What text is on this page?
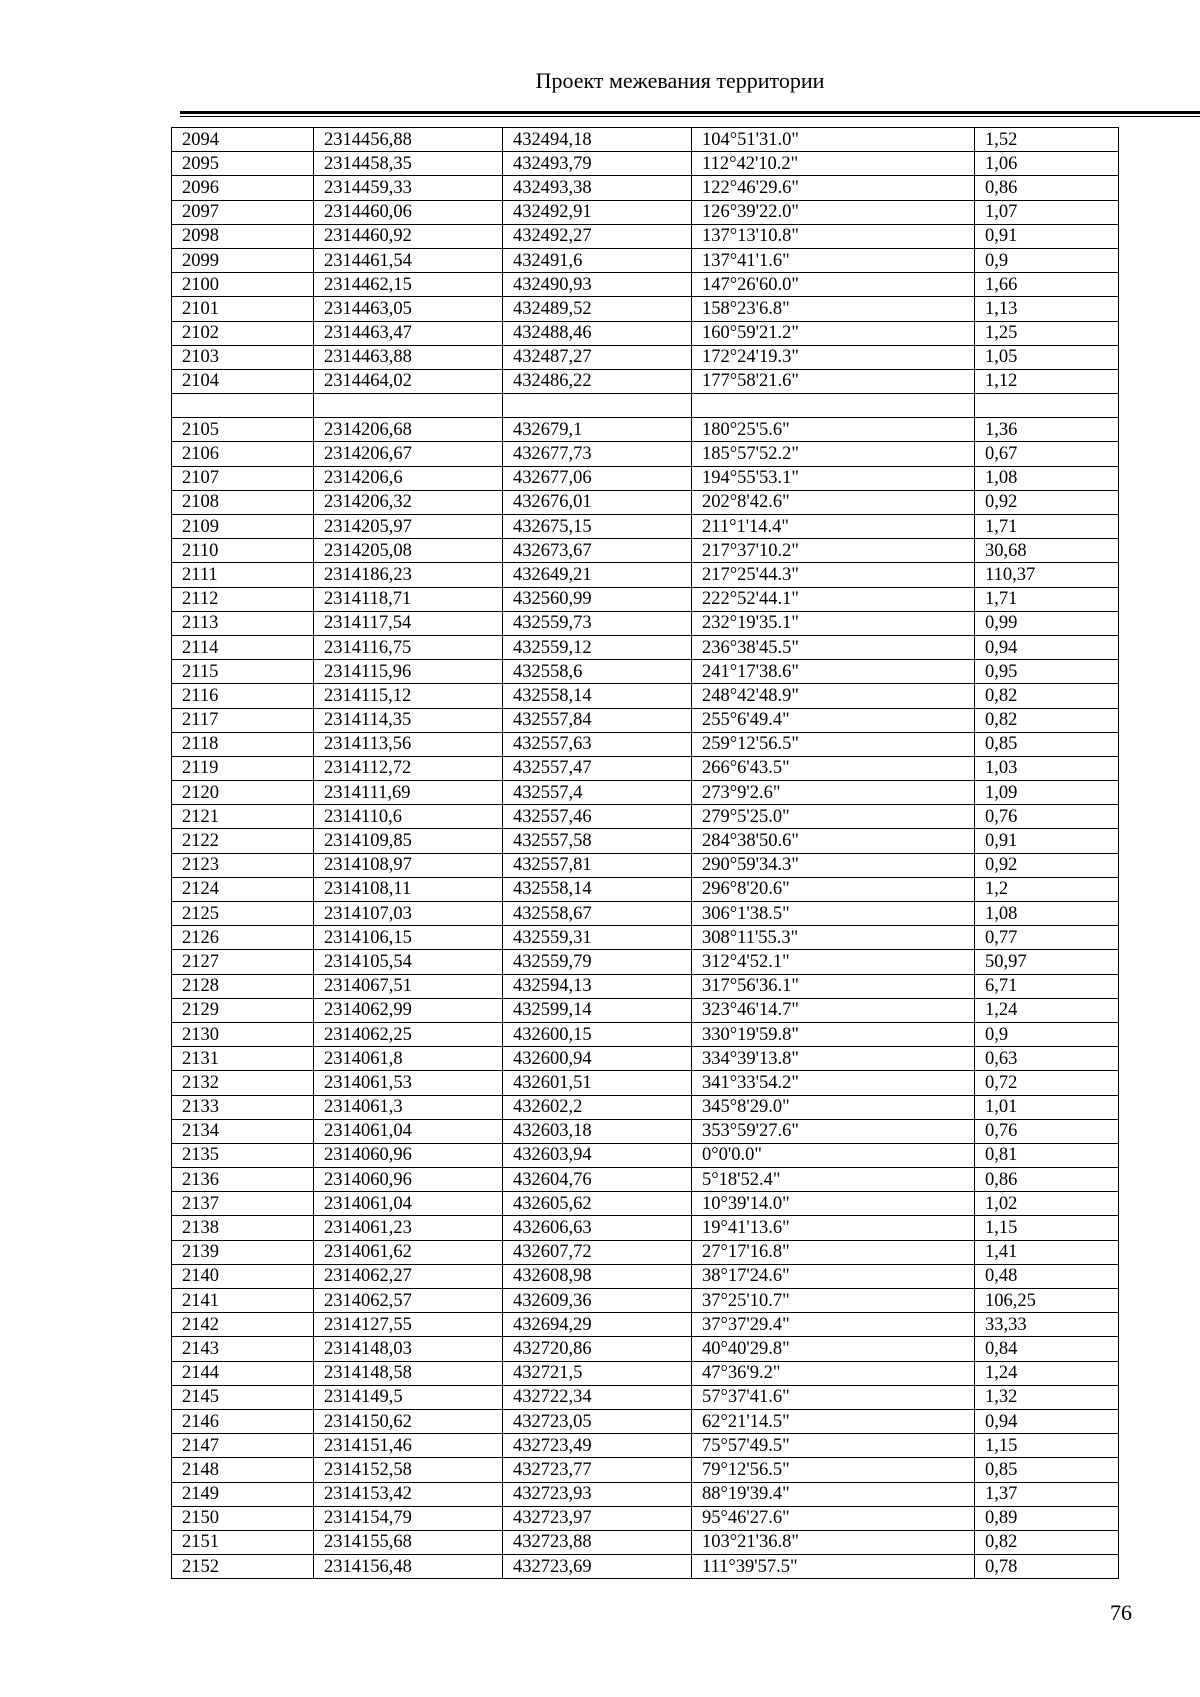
Проект межевания территории
2094	2314456,88	432494,18	104°51'31.0"	1,52
2095	2314458,35	432493,79	112°42'10.2"	1,06
2096	2314459,33	432493,38	122°46'29.6"	0,86
2097	2314460,06	432492,91	126°39'22.0"	1,07
2098	2314460,92	432492,27	137°13'10.8"	0,91
2099	2314461,54	432491,6	137°41'1.6"	0,9
2100	2314462,15	432490,93	147°26'60.0"	1,66
2101	2314463,05	432489,52	158°23'6.8"	1,13
2102	2314463,47	432488,46	160°59'21.2"	1,25
2103	2314463,88	432487,27	172°24'19.3"	1,05
2104	2314464,02	432486,22	177°58'21.6"	1,12

2105	2314206,68	432679,1	180°25'5.6"	1,36
2106	2314206,67	432677,73	185°57'52.2"	0,67
2107	2314206,6	432677,06	194°55'53.1"	1,08
2108	2314206,32	432676,01	202°8'42.6"	0,92
2109	2314205,97	432675,15	211°1'14.4"	1,71
2110	2314205,08	432673,67	217°37'10.2"	30,68
2111	2314186,23	432649,21	217°25'44.3"	110,37
2112	2314118,71	432560,99	222°52'44.1"	1,71
2113	2314117,54	432559,73	232°19'35.1"	0,99
2114	2314116,75	432559,12	236°38'45.5"	0,94
2115	2314115,96	432558,6	241°17'38.6"	0,95
2116	2314115,12	432558,14	248°42'48.9"	0,82
2117	2314114,35	432557,84	255°6'49.4"	0,82
2118	2314113,56	432557,63	259°12'56.5"	0,85
2119	2314112,72	432557,47	266°6'43.5"	1,03
2120	2314111,69	432557,4	273°9'2.6"	1,09
2121	2314110,6	432557,46	279°5'25.0"	0,76
2122	2314109,85	432557,58	284°38'50.6"	0,91
2123	2314108,97	432557,81	290°59'34.3"	0,92
2124	2314108,11	432558,14	296°8'20.6"	1,2
2125	2314107,03	432558,67	306°1'38.5"	1,08
2126	2314106,15	432559,31	308°11'55.3"	0,77
2127	2314105,54	432559,79	312°4'52.1"	50,97
2128	2314067,51	432594,13	317°56'36.1"	6,71
2129	2314062,99	432599,14	323°46'14.7"	1,24
2130	2314062,25	432600,15	330°19'59.8"	0,9
2131	2314061,8	432600,94	334°39'13.8"	0,63
2132	2314061,53	432601,51	341°33'54.2"	0,72
2133	2314061,3	432602,2	345°8'29.0"	1,01
2134	2314061,04	432603,18	353°59'27.6"	0,76
2135	2314060,96	432603,94	0°0'0.0"	0,81
2136	2314060,96	432604,76	5°18'52.4"	0,86
2137	2314061,04	432605,62	10°39'14.0"	1,02
2138	2314061,23	432606,63	19°41'13.6"	1,15
2139	2314061,62	432607,72	27°17'16.8"	1,41
2140	2314062,27	432608,98	38°17'24.6"	0,48
2141	2314062,57	432609,36	37°25'10.7"	106,25
2142	2314127,55	432694,29	37°37'29.4"	33,33
2143	2314148,03	432720,86	40°40'29.8"	0,84
2144	2314148,58	432721,5	47°36'9.2"	1,24
2145	2314149,5	432722,34	57°37'41.6"	1,32
2146	2314150,62	432723,05	62°21'14.5"	0,94
2147	2314151,46	432723,49	75°57'49.5"	1,15
2148	2314152,58	432723,77	79°12'56.5"	0,85
2149	2314153,42	432723,93	88°19'39.4"	1,37
2150	2314154,79	432723,97	95°46'27.6"	0,89
2151	2314155,68	432723,88	103°21'36.8"	0,82
2152	2314156,48	432723,69	111°39'57.5"	0,78
76
